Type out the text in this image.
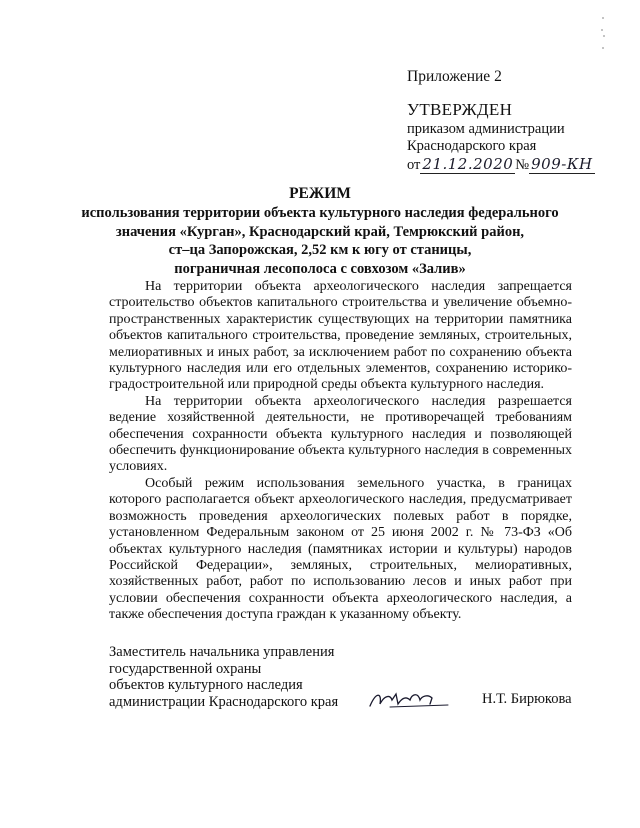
Приложение 2
УТВЕРЖДЕН
приказом администрации
Краснодарского края
от 21.12.2020 № 909-КН
РЕЖИМ
использования территории объекта культурного наследия федерального
значения «Курган», Краснодарский край, Темрюкский район,
ст–ца Запорожская, 2,52 км к югу от станицы,
пограничная лесополоса с совхозом «Залив»

На территории объекта археологического наследия запрещается строительство объектов капитального строительства и увеличение объемно-пространственных характеристик существующих на территории памятника объектов капитального строительства, проведение земляных, строительных, мелиоративных и иных работ, за исключением работ по сохранению объекта культурного наследия или его отдельных элементов, сохранению историко-градостроительной или природной среды объекта культурного наследия.

На территории объекта археологического наследия разрешается ведение хозяйственной деятельности, не противоречащей требованиям обеспечения сохранности объекта культурного наследия и позволяющей обеспечить функционирование объекта культурного наследия в современных условиях.

Особый режим использования земельного участка, в границах которого располагается объект археологического наследия, предусматривает возможность проведения археологических полевых работ в порядке, установленном Федеральным законом от 25 июня 2002 г. № 73-ФЗ «Об объектах культурного наследия (памятниках истории и культуры) народов Российской Федерации», земляных, строительных, мелиоративных, хозяйственных работ, работ по использованию лесов и иных работ при условии обеспечения сохранности объекта археологического наследия, а также обеспечения доступа граждан к указанному объекту.

Заместитель начальника управления
государственной охраны
объектов культурного наследия
администрации Краснодарского края	Н.Т. Бирюкова
